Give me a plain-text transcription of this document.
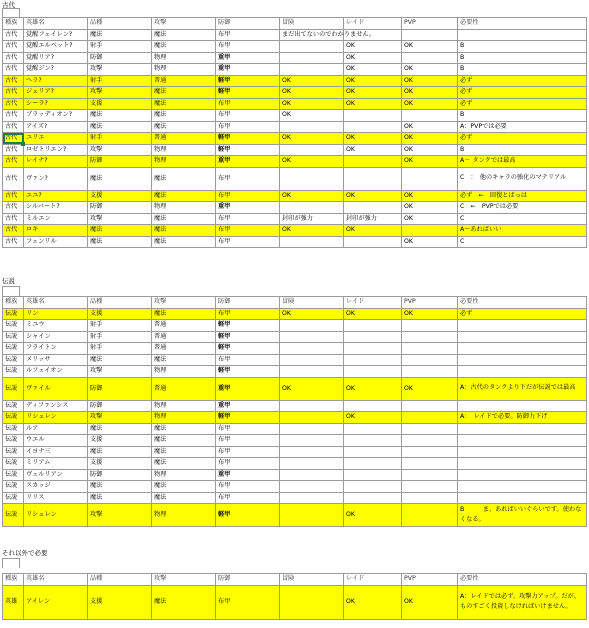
古代
種族	英雄名	品種	攻撃	防御	冒険	レイド	PVP	必要性
古代	覚醒フェイレン?	魔法	魔法	布甲	まだ出てないのでわかりません。			
古代	覚醒エルベット?	射手	魔法	布甲		OK	OK	B
古代	覚醒リア?	防御	物理	重甲		OK		B
古代	覚醒ジン?	攻撃	物理	重甲		OK	OK	B
古代	ヘラ?	射手	普通	軽甲	OK	OK	OK	必ず
古代	ジュリア?	攻撃	魔法	軽甲	OK	OK	OK	必ず
古代	シーラ?	支援	魔法	布甲	OK	OK	OK	必ず
古代	ブラッディオン?	魔法	魔法	布甲	OK			B
古代	アイズ?	魔法	魔法	布甲			OK	A：PVPでは必要
古代	ユリエ	射手	普通	軽甲	OK	OK	OK	必ず
古代	ロゼトリエン?	攻撃	物理	軽甲		OK	OK	B
古代	レイナ?	防御	物理	重甲	OK		OK	A－ タンクでは最高
古代	ヴァン?	魔法	魔法	布甲				C　：　他のキャラの強化のマテリアル
古代	エユ?	支援	魔法	布甲	OK	OK	OK	必ず　←　回復とばっは
古代	シルバート?	防御	物理	重甲			OK	C　←　PVPでは必要
古代	ミルエン	攻撃	魔法	布甲	封印が強力	封印が強力	OK	C
古代	ロキ	魔法	魔法	布甲	OK	OK		A～あればいい
古代	フェンリル	魔法	魔法	布甲			OK	C
伝説
種族	英雄名	品種	攻撃	防御	冒険	レイド	PVP	必要性
伝説	リン	支援	魔法	布甲	OK	OK	OK	必ず
伝説	ミユウ	射手	普通	軽甲				
伝説	シャイン	射手	普通	軽甲				
伝説	フライトン	射手	普通	軽甲				
伝説	メリッサ	魔法	魔法	布甲				
伝説	ルフェイオン	攻撃	物理	軽甲				
伝説	ヴァイル	防御	普通	重甲	OK	OK	OK	A：古代のタンクより下だが伝説では最高
伝説	ディファンシス	防御	物理	重甲				
伝説	リシュレン	攻撃	物理	軽甲		OK		A：　レイドで必要。防御力下げ
伝説	ルア	魔法	魔法	布甲				
伝説	ウエル	支援	魔法	布甲				
伝説	イヨナ三	魔法	魔法	布甲				
伝説	ミリアム	支援	魔法	布甲				
伝説	ヴェルリアン	防御	物理	重甲				
伝説	スカッジ	魔法	魔法	布甲				
伝説	リリス	魔法	魔法	布甲				
伝説	リシュレン	攻撃	物理	軽甲		OK		B　　　ま、あればいいぐらいです。使わなくなる。
それ以外で必要
種族	英雄名	品種	攻撃	防御	冒険	レイド	PVP	必要性
英雄	アイレン	支援	魔法	布甲		OK	OK	A：レイドでは必ず、攻撃力アップ。だが、ものすごく投資しなければいけません。
